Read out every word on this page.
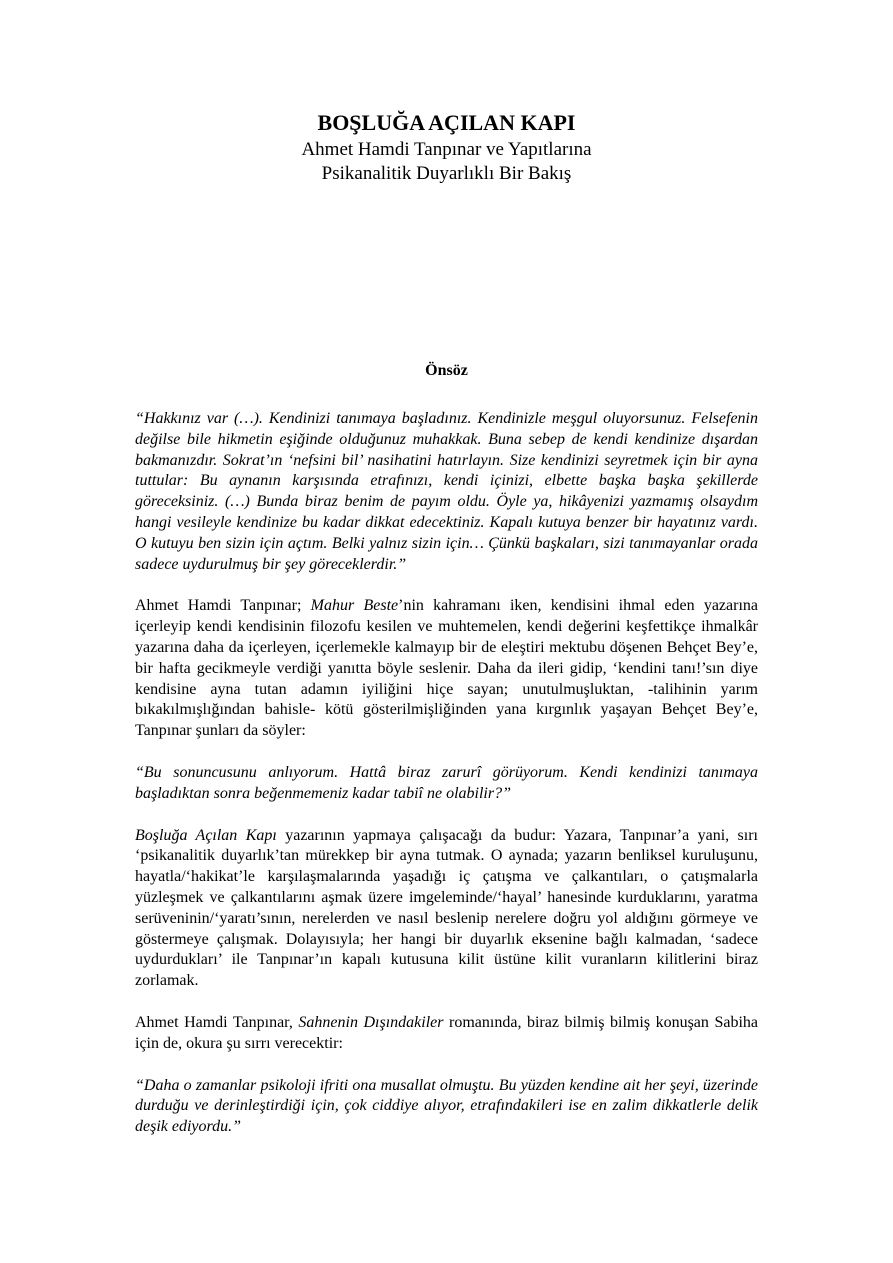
BOŞLUĞA AÇILAN KAPI
Ahmet Hamdi Tanpınar ve Yapıtlarına
Psikanalitik Duyarlıklı Bir Bakış
Önsöz

“Hakkınız var (…). Kendinizi tanımaya başladınız. Kendinizle meşgul oluyorsunuz. Felsefenin değilse bile hikmetin eşiğinde olduğunuz muhakkak. Buna sebep de kendi kendinize dışardan bakmanızdır. Sokrat’ın ‘nefsini bil’ nasihatini hatırlayın. Size kendinizi seyretmek için bir ayna tuttular: Bu aynanın karşısında etrafınızı, kendi içinizi, elbette başka başka şekillerde göreceksiniz. (…) Bunda biraz benim de payım oldu. Öyle ya, hikâyenizi yazmamış olsaydım hangi vesileyle kendinize bu kadar dikkat edecektiniz. Kapalı kutuya benzer bir hayatınız vardı. O kutuyu ben sizin için açtım. Belki yalnız sizin için… Çünkü başkaları, sizi tanımayanlar orada sadece uydurulmuş bir şey göreceklerdir.”

Ahmet Hamdi Tanpınar; Mahur Beste’nin kahramanı iken, kendisini ihmal eden yazarına içerleyip kendi kendisinin filozofu kesilen ve muhtemelen, kendi değerini keşfettikçe ihmalkâr yazarına daha da içerleyen, içerlemekle kalmayıp bir de eleştiri mektubu döşenen Behçet Bey’e, bir hafta gecikmeyle verdiği yanıtta böyle seslenir. Daha da ileri gidip, ‘kendini tanı!’sın diye kendisine ayna tutan adamın iyiliğini hiçe sayan; unutulmuşluktan, -talihinin yarım bıkakılmışlığından bahisle- kötü gösterilmişliğinden yana kırgınlık yaşayan Behçet Bey’e, Tanpınar şunları da söyler:

“Bu sonuncusunu anlıyorum. Hattâ biraz zarurî görüyorum. Kendi kendinizi tanımaya başladıktan sonra beğenmemeniz kadar tabiî ne olabilir?”

Boşluğa Açılan Kapı yazarının yapmaya çalışacağı da budur: Yazara, Tanpınar’a yani, sırı ‘psikanalitik duyarlık’tan mürekkep bir ayna tutmak. O aynada; yazarın benliksel kuruluşunu, hayatla/‘hakikat’le karşılaşmalarında yaşadığı iç çatışma ve çalkantıları, o çatışmalarla yüzleşmek ve çalkantılarını aşmak üzere imgeleminde/‘hayal’ hanesinde kurduklarını, yaratma serüveninin/‘yaratı’sının, nerelerden ve nasıl beslenip nerelere doğru yol aldığını görmeye ve göstermeye çalışmak. Dolayısıyla; her hangi bir duyarlık eksenine bağlı kalmadan, ‘sadece uydurdukları’ ile Tanpınar’ın kapalı kutusuna kilit üstüne kilit vuranların kilitlerini biraz zorlamak.

Ahmet Hamdi Tanpınar, Sahnenin Dışındakiler romanında, biraz bilmiş bilmiş konuşan Sabiha için de, okura şu sırrı verecektir:

“Daha o zamanlar psikoloji ifriti ona musallat olmuştu. Bu yüzden kendine ait her şeyi, üzerinde durduğu ve derinleştirdiği için, çok ciddiye alıyor, etrafındakileri ise en zalim dikkatlerle delik deşik ediyordu.”
